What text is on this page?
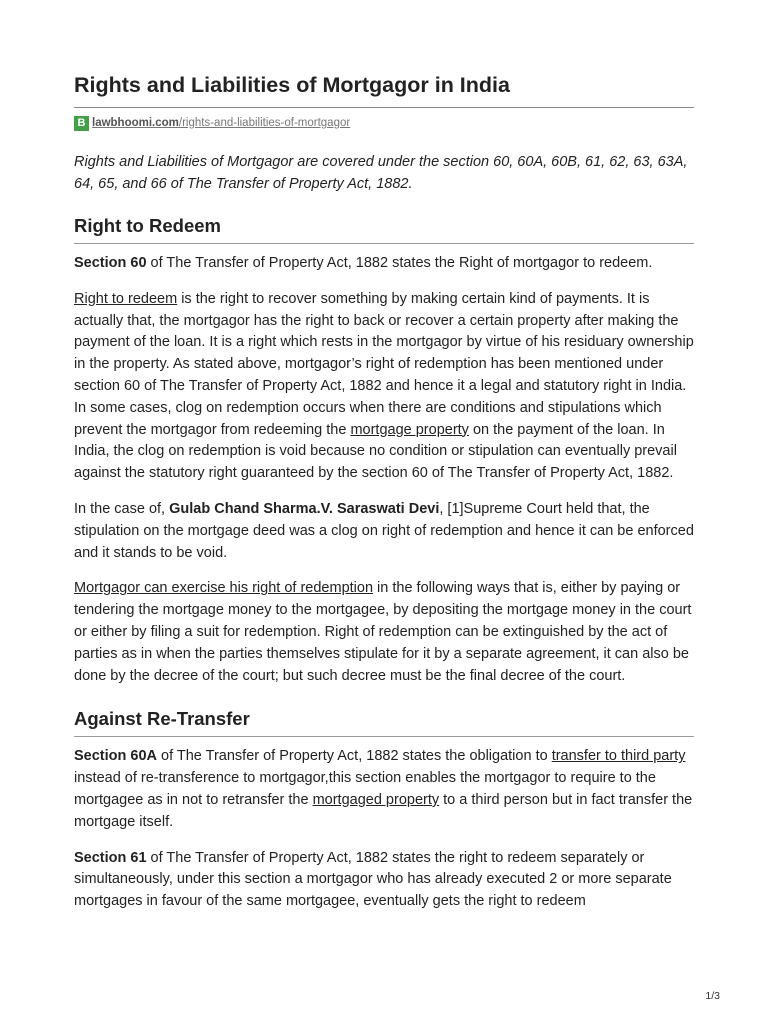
Rights and Liabilities of Mortgagor in India
B lawbhoomi.com/rights-and-liabilities-of-mortgagor

Rights and Liabilities of Mortgagor are covered under the section 60, 60A, 60B, 61, 62, 63, 63A, 64, 65, and 66 of The Transfer of Property Act, 1882.

Right to Redeem

Section 60 of The Transfer of Property Act, 1882 states the Right of mortgagor to redeem.

Right to redeem is the right to recover something by making certain kind of payments. It is actually that, the mortgagor has the right to back or recover a certain property after making the payment of the loan. It is a right which rests in the mortgagor by virtue of his residuary ownership in the property. As stated above, mortgagor’s right of redemption has been mentioned under section 60 of The Transfer of Property Act, 1882 and hence it a legal and statutory right in India. In some cases, clog on redemption occurs when there are conditions and stipulations which prevent the mortgagor from redeeming the mortgage property on the payment of the loan. In India, the clog on redemption is void because no condition or stipulation can eventually prevail against the statutory right guaranteed by the section 60 of The Transfer of Property Act, 1882.

In the case of, Gulab Chand Sharma.V. Saraswati Devi, [1]Supreme Court held that, the stipulation on the mortgage deed was a clog on right of redemption and hence it can be enforced and it stands to be void.

Mortgagor can exercise his right of redemption in the following ways that is, either by paying or tendering the mortgage money to the mortgagee, by depositing the mortgage money in the court or either by filing a suit for redemption. Right of redemption can be extinguished by the act of parties as in when the parties themselves stipulate for it by a separate agreement, it can also be done by the decree of the court; but such decree must be the final decree of the court.

Against Re-Transfer

Section 60A of The Transfer of Property Act, 1882 states the obligation to transfer to third party instead of re-transference to mortgagor,this section enables the mortgagor to require to the mortgagee as in not to retransfer the mortgaged property to a third person but in fact transfer the mortgage itself.

Section 61 of The Transfer of Property Act, 1882 states the right to redeem separately or simultaneously, under this section a mortgagor who has already executed 2 or more separate mortgages in favour of the same mortgagee, eventually gets the right to redeem

1/3
